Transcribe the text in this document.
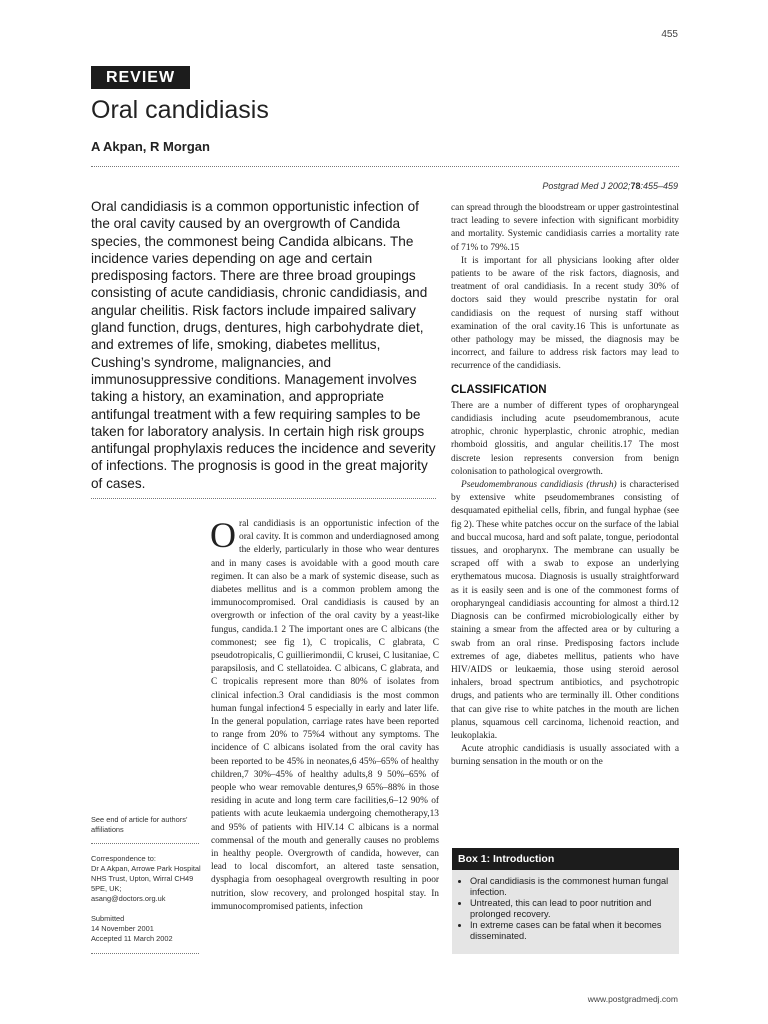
455
REVIEW
Oral candidiasis
A Akpan, R Morgan
Postgrad Med J 2002;78:455–459
Oral candidiasis is a common opportunistic infection of the oral cavity caused by an overgrowth of Candida species, the commonest being Candida albicans. The incidence varies depending on age and certain predisposing factors. There are three broad groupings consisting of acute candidiasis, chronic candidiasis, and angular cheilitis. Risk factors include impaired salivary gland function, drugs, dentures, high carbohydrate diet, and extremes of life, smoking, diabetes mellitus, Cushing’s syndrome, malignancies, and immunosuppressive conditions. Management involves taking a history, an examination, and appropriate antifungal treatment with a few requiring samples to be taken for laboratory analysis. In certain high risk groups antifungal prophylaxis reduces the incidence and severity of infections. The prognosis is good in the great majority of cases.
See end of article for authors’ affiliations
Correspondence to:
Dr A Akpan, Arrowe Park Hospital NHS Trust, Upton, Wirral CH49 5PE, UK;
asang@doctors.org.uk
Submitted
14 November 2001
Accepted 11 March 2002

Oral candidiasis is an opportunistic infection of the oral cavity. It is common and underdiagnosed among the elderly, particularly in those who wear dentures and in many cases is avoidable with a good mouth care regimen. It can also be a mark of systemic disease, such as diabetes mellitus and is a common problem among the immunocompromised. Oral candidiasis is caused by an overgrowth or infection of the oral cavity by a yeast-like fungus, candida.1 2 The important ones are C albicans (the commonest; see fig 1), C tropicalis, C glabrata, C pseudotropicalis, C guillierimondii, C krusei, C lusitaniae, C parapsilosis, and C stellatoidea. C albicans, C glabrata, and C tropicalis represent more than 80% of isolates from clinical infection.3 Oral candidiasis is the most common human fungal infection4 5 especially in early and later life. In the general population, carriage rates have been reported to range from 20% to 75%4 without any symptoms. The incidence of C albicans isolated from the oral cavity has been reported to be 45% in neonates,6 45%–65% of healthy children,7 30%–45% of healthy adults,8 9 50%–65% of people who wear removable dentures,9 65%–88% in those residing in acute and long term care facilities,6–12 90% of patients with acute leukaemia undergoing chemotherapy,13 and 95% of patients with HIV.14 C albicans is a normal commensal of the mouth and generally causes no problems in healthy people. Overgrowth of candida, however, can lead to local discomfort, an altered taste sensation, dysphagia from oesophageal overgrowth resulting in poor nutrition, slow recovery, and prolonged hospital stay. In immunocompromised patients, infection

can spread through the bloodstream or upper gastrointestinal tract leading to severe infection with significant morbidity and mortality. Systemic candidiasis carries a mortality rate of 71% to 79%.15

It is important for all physicians looking after older patients to be aware of the risk factors, diagnosis, and treatment of oral candidiasis. In a recent study 30% of doctors said they would prescribe nystatin for oral candidiasis on the request of nursing staff without examination of the oral cavity.16 This is unfortunate as other pathology may be missed, the diagnosis may be incorrect, and failure to address risk factors may lead to recurrence of the candidiasis.

CLASSIFICATION

There are a number of different types of oropharyngeal candidiasis including acute pseudomembranous, acute atrophic, chronic hyperplastic, chronic atrophic, median rhomboid glossitis, and angular cheilitis.17 The most discrete lesion represents conversion from benign colonisation to pathological overgrowth.

Pseudomembranous candidiasis (thrush) is characterised by extensive white pseudomembranes consisting of desquamated epithelial cells, fibrin, and fungal hyphae (see fig 2). These white patches occur on the surface of the labial and buccal mucosa, hard and soft palate, tongue, periodontal tissues, and oropharynx. The membrane can usually be scraped off with a swab to expose an underlying erythematous mucosa. Diagnosis is usually straightforward as it is easily seen and is one of the commonest forms of oropharyngeal candidiasis accounting for almost a third.12 Diagnosis can be confirmed microbiologically either by staining a smear from the affected area or by culturing a swab from an oral rinse. Predisposing factors include extremes of age, diabetes mellitus, patients who have HIV/AIDS or leukaemia, those using steroid aerosol inhalers, broad spectrum antibiotics, and psychotropic drugs, and patients who are terminally ill. Other conditions that can give rise to white patches in the mouth are lichen planus, squamous cell carcinoma, lichenoid reaction, and leukoplakia.

Acute atrophic candidiasis is usually associated with a burning sensation in the mouth or on the

Box 1: Introduction
• Oral candidiasis is the commonest human fungal infection.
• Untreated, this can lead to poor nutrition and prolonged recovery.
• In extreme cases can be fatal when it becomes disseminated.
www.postgradmedj.com
